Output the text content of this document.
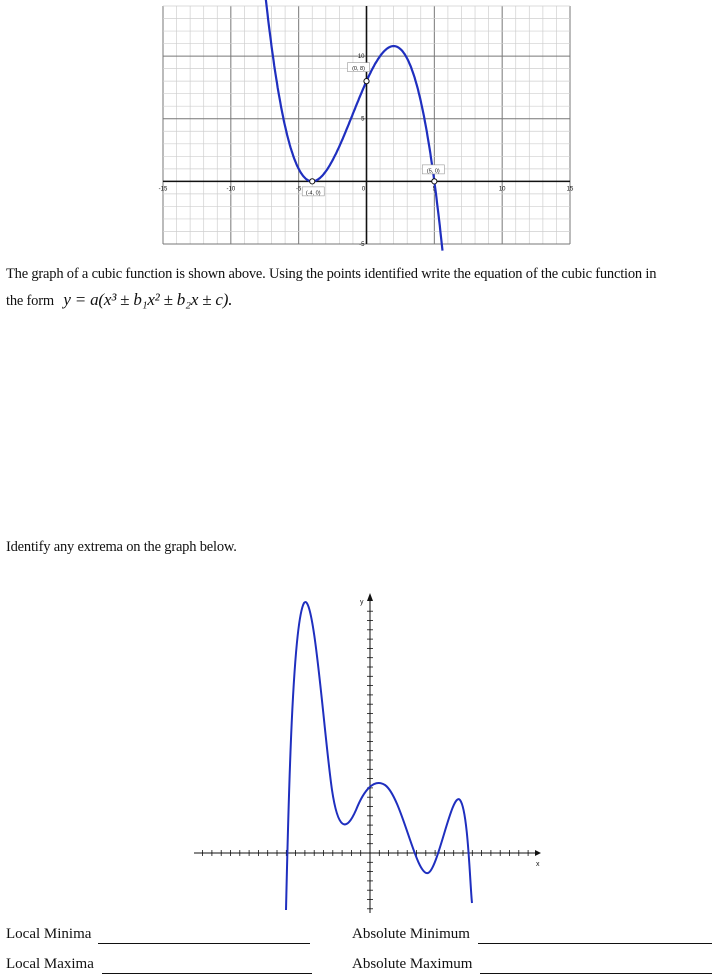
-15	-10	-5	0	5	10	15
10
5
-5
(0, 8)
(-4, 0)
(5, 0)
The graph of a cubic function is shown above. Using the points identified write the equation of the cubic function in
the form y = a(x³ ± b₁x² ± b₂x ± c).
Identify any extrema on the graph below.
x
y
Local Minima
Local Maxima
Absolute Minimum
Absolute Maximum
